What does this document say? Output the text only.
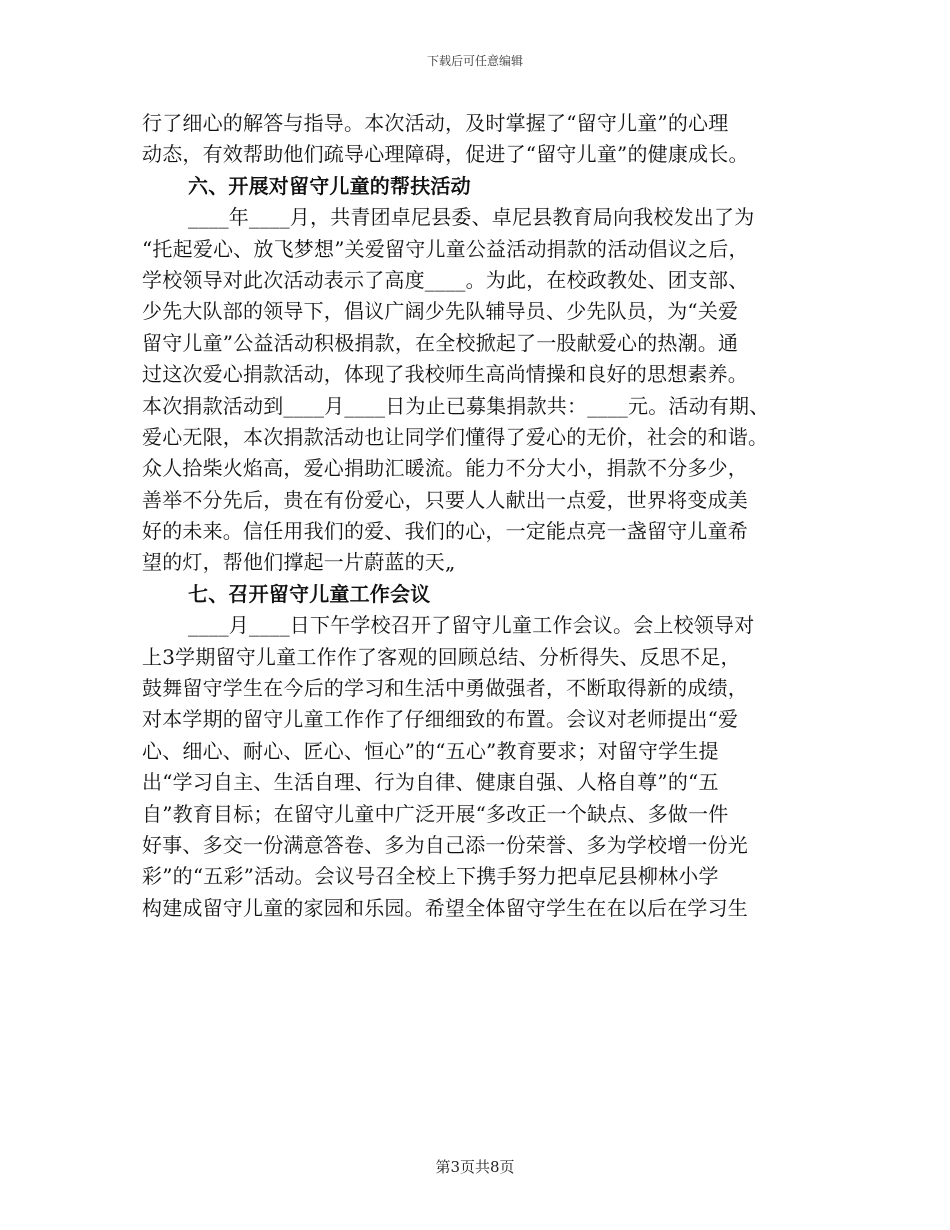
下载后可任意编辑
行了细心的解答与指导。本次活动，及时掌握了“留守儿童”的心理
动态，有效帮助他们疏导心理障碍，促进了“留守儿童”的健康成长。
六、开展对留守儿童的帮扶活动
____年____月，共青团卓尼县委、卓尼县教育局向我校发出了为
“托起爱心、放飞梦想”关爱留守儿童公益活动捐款的活动倡议之后，
学校领导对此次活动表示了高度____。为此，在校政教处、团支部、
少先大队部的领导下，倡议广阔少先队辅导员、少先队员，为“关爱
留守儿童”公益活动积极捐款，在全校掀起了一股献爱心的热潮。通
过这次爱心捐款活动，体现了我校师生高尚情操和良好的思想素养。
本次捐款活动到____月____日为止已募集捐款共：____元。活动有期、
爱心无限，本次捐款活动也让同学们懂得了爱心的无价，社会的和谐。
众人拾柴火焰高，爱心捐助汇暖流。能力不分大小，捐款不分多少，
善举不分先后，贵在有份爱心，只要人人献出一点爱，世界将变成美
好的未来。信任用我们的爱、我们的心，一定能点亮一盏留守儿童希
望的灯，帮他们撑起一片蔚蓝的天„
七、召开留守儿童工作会议
____月____日下午学校召开了留守儿童工作会议。会上校领导对
上3学期留守儿童工作作了客观的回顾总结、分析得失、反思不足，
鼓舞留守学生在今后的学习和生活中勇做强者，不断取得新的成绩，
对本学期的留守儿童工作作了仔细细致的布置。会议对老师提出“爱
心、细心、耐心、匠心、恒心”的“五心”教育要求；对留守学生提
出“学习自主、生活自理、行为自律、健康自强、人格自尊”的“五
自”教育目标；在留守儿童中广泛开展“多改正一个缺点、多做一件
好事、多交一份满意答卷、多为自己添一份荣誉、多为学校增一份光
彩”的“五彩”活动。会议号召全校上下携手努力把卓尼县柳林小学
构建成留守儿童的家园和乐园。希望全体留守学生在在以后在学习生
第3页共8页
